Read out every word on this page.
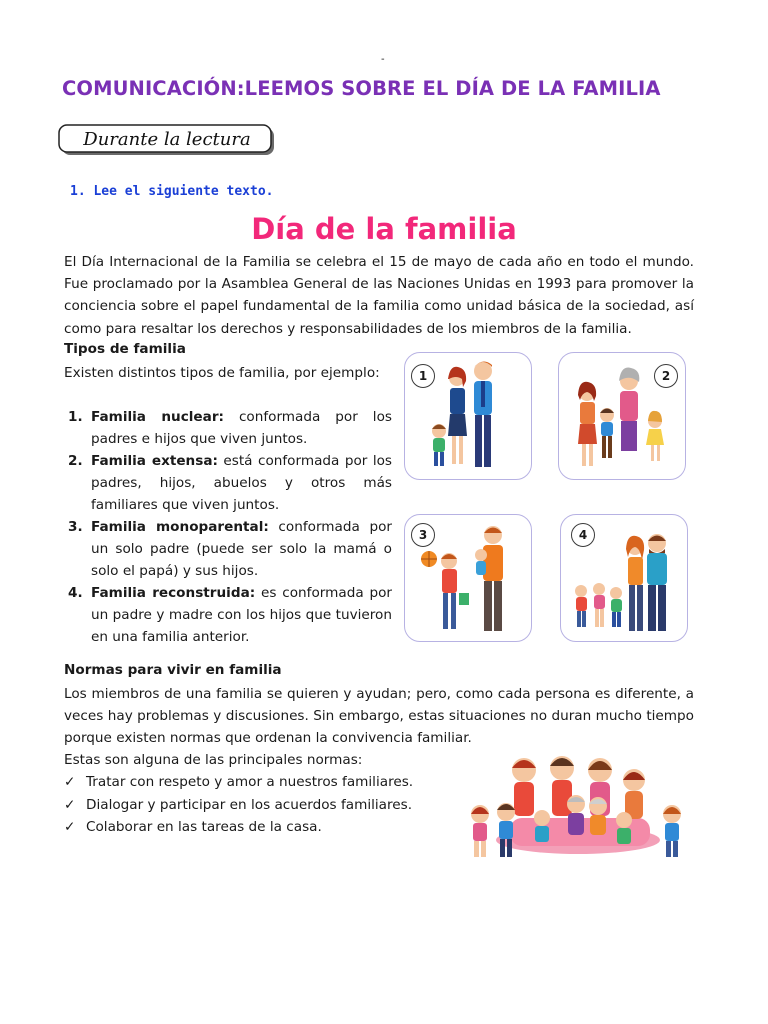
-
COMUNICACIÓN:LEEMOS SOBRE EL DÍA DE LA FAMILIA
Durante la lectura
1. Lee el siguiente texto.
Día de la familia
El Día Internacional de la Familia se celebra el 15 de mayo de cada año en todo el mundo. Fue proclamado por la Asamblea General de las Naciones Unidas en 1993 para promover la conciencia sobre el papel fundamental de la familia como unidad básica de la sociedad, así como para resaltar los derechos y responsabilidades de los miembros de la familia.
Tipos de familia
Existen distintos tipos de familia, por ejemplo:
1. Familia nuclear: conformada por los padres e hijos que viven juntos.
2. Familia extensa: está conformada por los padres, hijos, abuelos y otros más familiares que viven juntos.
3. Familia monoparental: conformada por un solo padre (puede ser solo la mamá o solo el papá) y sus hijos.
4. Familia reconstruida: es conformada por un padre y madre con los hijos que tuvieron en una familia anterior.
1	2
3	4
Normas para vivir en familia
Los miembros de una familia se quieren y ayudan; pero, como cada persona es diferente, a veces hay problemas y discusiones. Sin embargo, estas situaciones no duran mucho tiempo porque existen normas que ordenan la convivencia familiar.
Estas son alguna de las principales normas:
✓ Tratar con respeto y amor a nuestros familiares.
✓ Dialogar y participar en los acuerdos familiares.
✓ Colaborar en las tareas de la casa.
